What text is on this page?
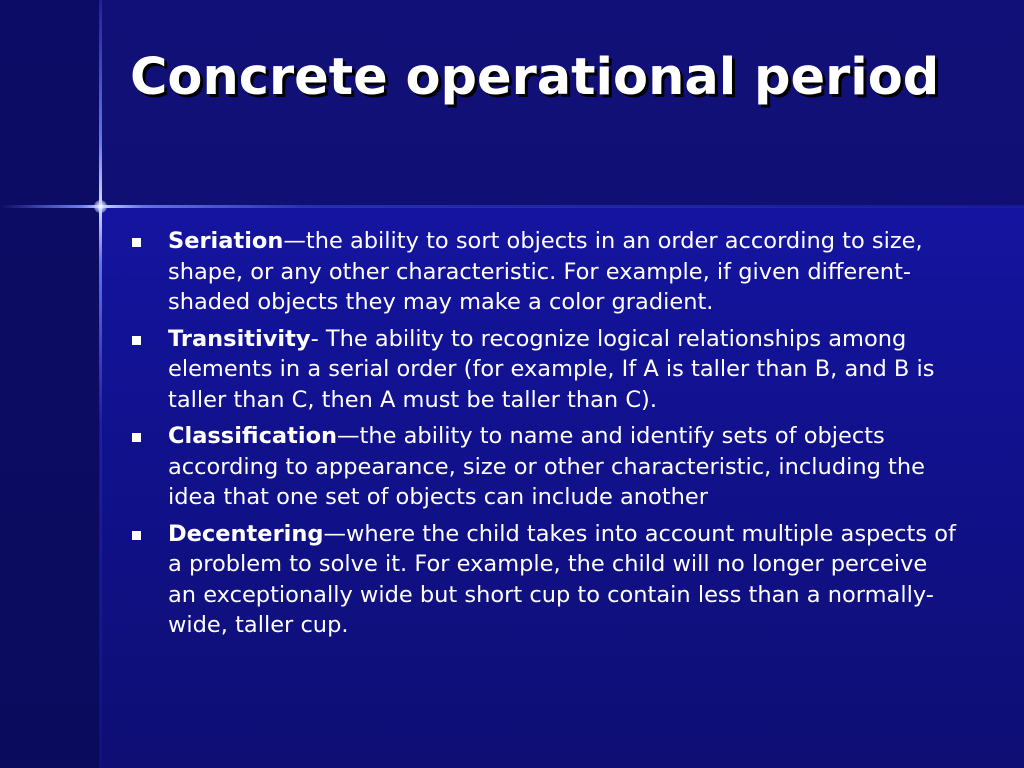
Concrete operational period
Seriation—the ability to sort objects in an order according to size, shape, or any other characteristic. For example, if given different-shaded objects they may make a color gradient.
Transitivity- The ability to recognize logical relationships among elements in a serial order (for example, If A is taller than B, and B is taller than C, then A must be taller than C).
Classification—the ability to name and identify sets of objects according to appearance, size or other characteristic, including the idea that one set of objects can include another
Decentering—where the child takes into account multiple aspects of a problem to solve it. For example, the child will no longer perceive an exceptionally wide but short cup to contain less than a normally-wide, taller cup.
